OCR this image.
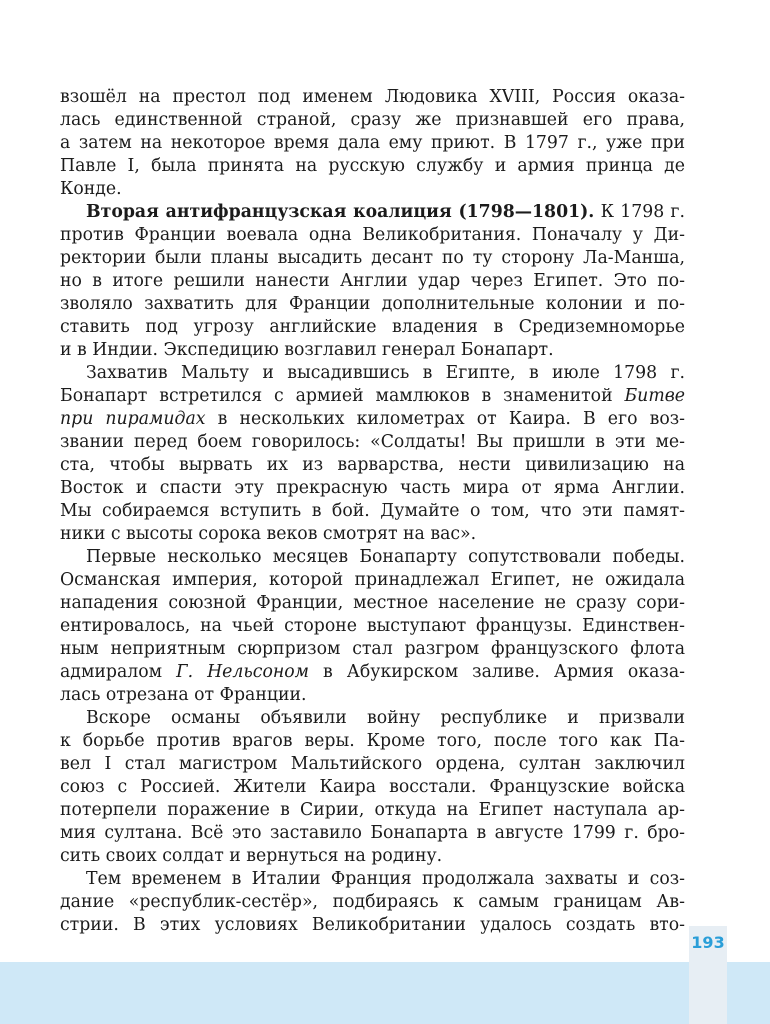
взошёл на престол под именем Людовика XVIII, Россия оказа-
лась единственной страной, сразу же признавшей его права,
а затем на некоторое время дала ему приют. В 1797 г., уже при
Павле I, была принята на русскую службу и армия принца де
Конде.

Вторая антифранцузская коалиция (1798—1801). К 1798 г.
против Франции воевала одна Великобритания. Поначалу у Ди-
ректории были планы высадить десант по ту сторону Ла-Манша,
но в итоге решили нанести Англии удар через Египет. Это по-
зволяло захватить для Франции дополнительные колонии и по-
ставить под угрозу английские владения в Средиземноморье
и в Индии. Экспедицию возглавил генерал Бонапарт.

Захватив Мальту и высадившись в Египте, в июле 1798 г.
Бонапарт встретился с армией мамлюков в знаменитой Битве
при пирамидах в нескольких километрах от Каира. В его воз-
звании перед боем говорилось: «Солдаты! Вы пришли в эти ме-
ста, чтобы вырвать их из варварства, нести цивилизацию на
Восток и спасти эту прекрасную часть мира от ярма Англии.
Мы собираемся вступить в бой. Думайте о том, что эти памят-
ники с высоты сорока веков смотрят на вас».

Первые несколько месяцев Бонапарту сопутствовали победы.
Османская империя, которой принадлежал Египет, не ожидала
нападения союзной Франции, местное население не сразу сори-
ентировалось, на чьей стороне выступают французы. Единствен-
ным неприятным сюрпризом стал разгром французского флота
адмиралом Г. Нельсоном в Абукирском заливе. Армия оказа-
лась отрезана от Франции.

Вскоре османы объявили войну республике и призвали
к борьбе против врагов веры. Кроме того, после того как Па-
вел I стал магистром Мальтийского ордена, султан заключил
союз с Россией. Жители Каира восстали. Французские войска
потерпели поражение в Сирии, откуда на Египет наступала ар-
мия султана. Всё это заставило Бонапарта в августе 1799 г. бро-
сить своих солдат и вернуться на родину.

Тем временем в Италии Франция продолжала захваты и соз-
дание «республик-сестёр», подбираясь к самым границам Ав-
стрии. В этих условиях Великобритании удалось создать вто-

193
